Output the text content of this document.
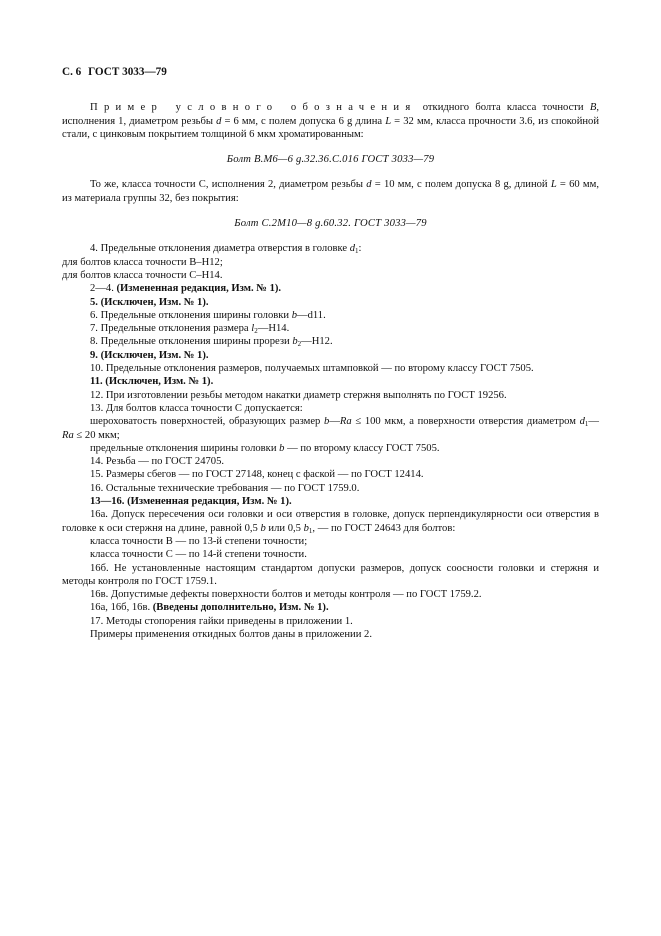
С. 6 ГОСТ 3033—79

Пример условного обозначения откидного болта класса точности B, исполнения 1, диаметром резьбы d = 6 мм, с полем допуска 6 g длина L = 32 мм, класса прочности 3.6, из спокойной стали, с цинковым покрытием толщиной 6 мкм хроматированным:

Болт В.М6—6 g.32.36.С.016 ГОСТ 3033—79

То же, класса точности С, исполнения 2, диаметром резьбы d = 10 мм, с полем допуска 8 g, длиной L = 60 мм, из материала группы 32, без покрытия:

Болт С.2М10—8 g.60.32. ГОСТ 3033—79

4. Предельные отклонения диаметра отверстия в головке $d_1$:

для болтов класса точности В–Н12;

для болтов класса точности С–Н14.

2—4. (Измененная редакция, Изм. № 1).

5. (Исключен, Изм. № 1).

6. Предельные отклонения ширины головки b—d11.

7. Предельные отклонения размера $l_2—Н14$.

8. Предельные отклонения ширины прорези $b_2—Н12$.

9. (Исключен, Изм. № 1).

10. Предельные отклонения размеров, получаемых штамповкой — по второму классу ГОСТ 7505.

11. (Исключен, Изм. № 1).

12. При изготовлении резьбы методом накатки диаметр стержня выполнять по ГОСТ 19256.

13. Для болтов класса точности С допускается:

шероховатость поверхностей, образующих размер b—Ra ≤ 100 мкм, а поверхности отверстия диаметром $d_1—$ Ra ≤ 20 мкм;

предельные отклонения ширины головки b — по второму классу ГОСТ 7505.

14. Резьба — по ГОСТ 24705.

15. Размеры сбегов — по ГОСТ 27148, конец с фаской — по ГОСТ 12414.

16. Остальные технические требования — по ГОСТ 1759.0.

13—16. (Измененная редакция, Изм. № 1).

16а. Допуск пересечения оси головки и оси отверстия в головке, допуск перпендикулярности оси отверстия в головке к оси стержня на длине, равной 0,5 b или 0,5 $b_1$, — по ГОСТ 24643 для болтов:

класса точности В — по 13-й степени точности;

класса точности С — по 14-й степени точности.

16б. Не установленные настоящим стандартом допуски размеров, допуск соосности головки и стержня и методы контроля по ГОСТ 1759.1.

16в. Допустимые дефекты поверхности болтов и методы контроля — по ГОСТ 1759.2.

16а, 16б, 16в. (Введены дополнительно, Изм. № 1).

17. Методы стопорения гайки приведены в приложении 1.

Примеры применения откидных болтов даны в приложении 2.
